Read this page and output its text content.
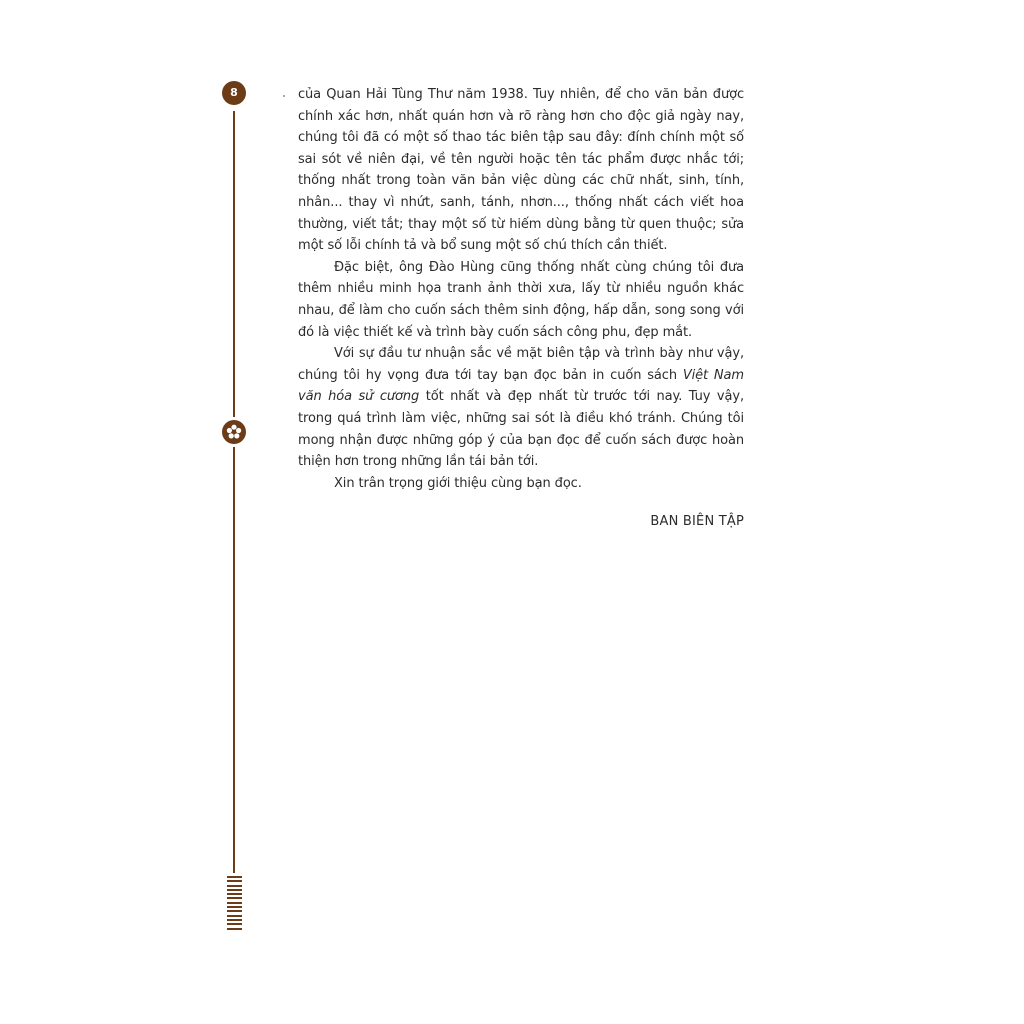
8	của Quan Hải Tùng Thư năm 1938. Tuy nhiên, để cho văn bản được chính xác hơn, nhất quán hơn và rõ ràng hơn cho độc giả ngày nay, chúng tôi đã có một số thao tác biên tập sau đây: đính chính một số sai sót về niên đại, về tên người hoặc tên tác phẩm được nhắc tới; thống nhất trong toàn văn bản việc dùng các chữ nhất, sinh, tính, nhân... thay vì nhứt, sanh, tánh, nhơn..., thống nhất cách viết hoa thường, viết tắt; thay một số từ hiếm dùng bằng từ quen thuộc; sửa một số lỗi chính tả và bổ sung một số chú thích cần thiết.

Đặc biệt, ông Đào Hùng cũng thống nhất cùng chúng tôi đưa thêm nhiều minh họa tranh ảnh thời xưa, lấy từ nhiều nguồn khác nhau, để làm cho cuốn sách thêm sinh động, hấp dẫn, song song với đó là việc thiết kế và trình bày cuốn sách công phu, đẹp mắt.

Với sự đầu tư nhuận sắc về mặt biên tập và trình bày như vậy, chúng tôi hy vọng đưa tới tay bạn đọc bản in cuốn sách Việt Nam văn hóa sử cương tốt nhất và đẹp nhất từ trước tới nay. Tuy vậy, trong quá trình làm việc, những sai sót là điều khó tránh. Chúng tôi mong nhận được những góp ý của bạn đọc để cuốn sách được hoàn thiện hơn trong những lần tái bản tới.

Xin trân trọng giới thiệu cùng bạn đọc.

BAN BIÊN TẬP
